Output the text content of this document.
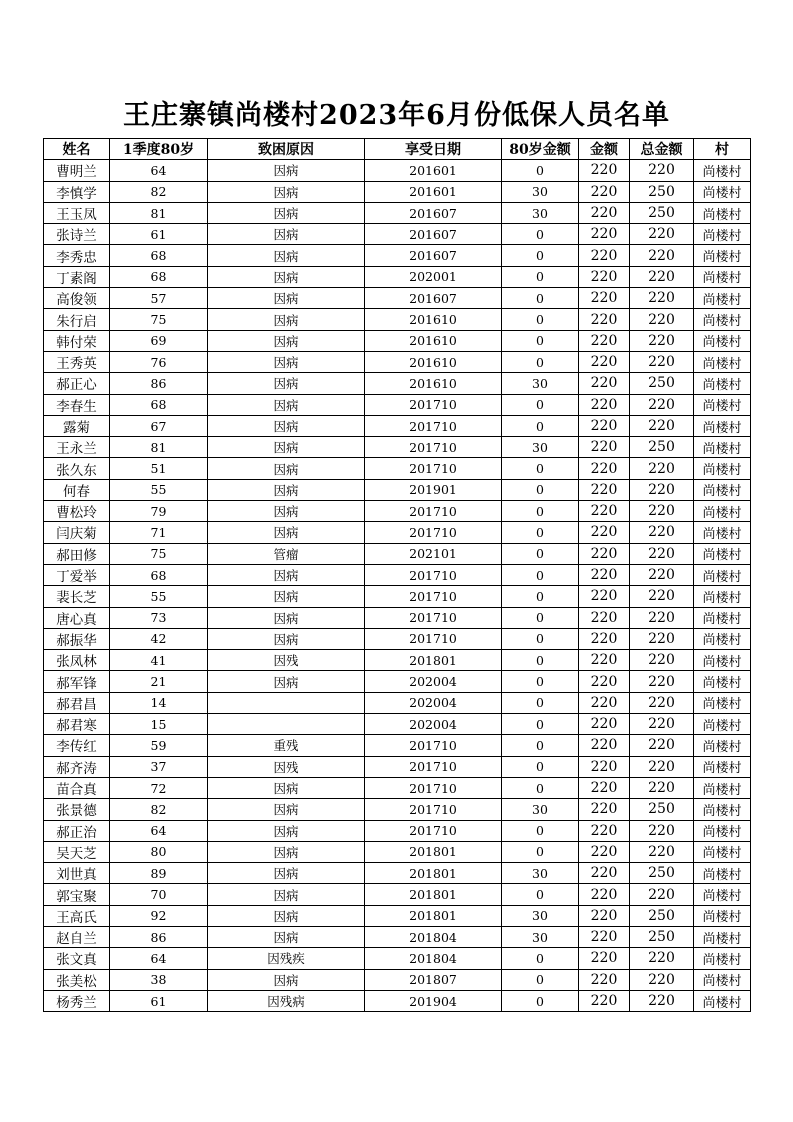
王庄寨镇尚楼村2023年6月份低保人员名单
姓名	1季度80岁	致困原因	享受日期	80岁金额	金额	总金额	村
曹明兰	64	因病	201601	0	220	220	尚楼村
李慎学	82	因病	201601	30	220	250	尚楼村
王玉凤	81	因病	201607	30	220	250	尚楼村
张诗兰	61	因病	201607	0	220	220	尚楼村
李秀忠	68	因病	201607	0	220	220	尚楼村
丁素阁	68	因病	202001	0	220	220	尚楼村
高俊领	57	因病	201607	0	220	220	尚楼村
朱行启	75	因病	201610	0	220	220	尚楼村
韩付荣	69	因病	201610	0	220	220	尚楼村
王秀英	76	因病	201610	0	220	220	尚楼村
郝正心	86	因病	201610	30	220	250	尚楼村
李春生	68	因病	201710	0	220	220	尚楼村
露菊	67	因病	201710	0	220	220	尚楼村
王永兰	81	因病	201710	30	220	250	尚楼村
张久东	51	因病	201710	0	220	220	尚楼村
何春	55	因病	201901	0	220	220	尚楼村
曹松玲	79	因病	201710	0	220	220	尚楼村
闫庆菊	71	因病	201710	0	220	220	尚楼村
郝田修	75	管瘤	202101	0	220	220	尚楼村
丁爱举	68	因病	201710	0	220	220	尚楼村
裴长芝	55	因病	201710	0	220	220	尚楼村
唐心真	73	因病	201710	0	220	220	尚楼村
郝振华	42	因病	201710	0	220	220	尚楼村
张凤林	41	因残	201801	0	220	220	尚楼村
郝军锋	21	因病	202004	0	220	220	尚楼村
郝君昌	14		202004	0	220	220	尚楼村
郝君寒	15		202004	0	220	220	尚楼村
李传红	59	重残	201710	0	220	220	尚楼村
郝齐涛	37	因残	201710	0	220	220	尚楼村
苗合真	72	因病	201710	0	220	220	尚楼村
张景德	82	因病	201710	30	220	250	尚楼村
郝正治	64	因病	201710	0	220	220	尚楼村
吴天芝	80	因病	201801	0	220	220	尚楼村
刘世真	89	因病	201801	30	220	250	尚楼村
郭宝聚	70	因病	201801	0	220	220	尚楼村
王高氏	92	因病	201801	30	220	250	尚楼村
赵自兰	86	因病	201804	30	220	250	尚楼村
张文真	64	因残疾	201804	0	220	220	尚楼村
张美松	38	因病	201807	0	220	220	尚楼村
杨秀兰	61	因残病	201904	0	220	220	尚楼村
